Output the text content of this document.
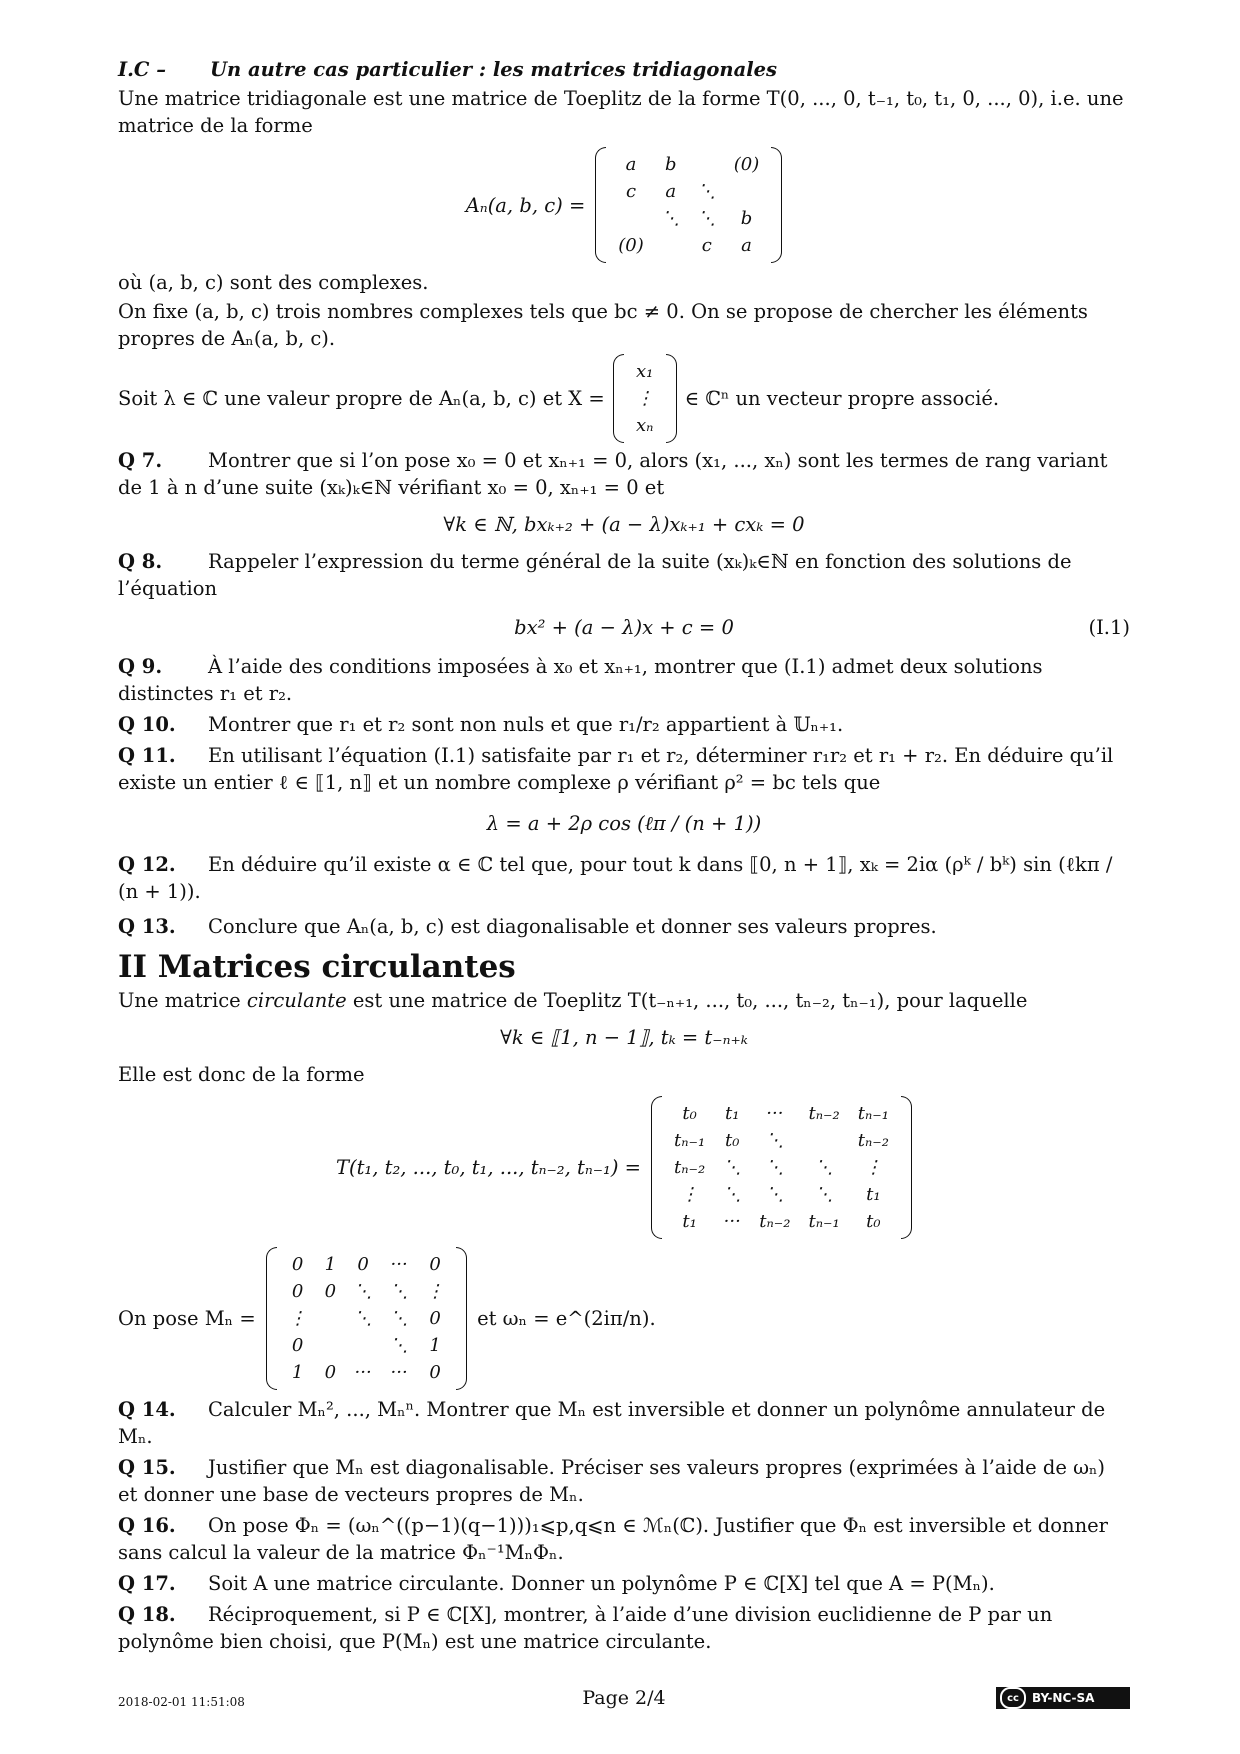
I.C – Un autre cas particulier : les matrices tridiagonales

Une matrice tridiagonale est une matrice de Toeplitz de la forme T(0, ..., 0, t₋₁, t₀, t₁, 0, ..., 0), i.e. une matrice de la forme

Aₙ(a, b, c) =
a	b		(0)
c	a	⋱	
	⋱	⋱	b
(0)		c	a

où (a, b, c) sont des complexes.

On fixe (a, b, c) trois nombres complexes tels que bc ≠ 0. On se propose de chercher les éléments propres de Aₙ(a, b, c).

Soit λ ∈ ℂ une valeur propre de Aₙ(a, b, c) et X =
x₁
⋮
xₙ
∈ ℂⁿ un vecteur propre associé.
Q 7. Montrer que si l’on pose x₀ = 0 et xₙ₊₁ = 0, alors (x₁, ..., xₙ) sont les termes de rang variant de 1 à n d’une suite (xₖ)ₖ∈ℕ vérifiant x₀ = 0, xₙ₊₁ = 0 et
∀k ∈ ℕ, bxₖ₊₂ + (a − λ)xₖ₊₁ + cxₖ = 0
Q 8. Rappeler l’expression du terme général de la suite (xₖ)ₖ∈ℕ en fonction des solutions de l’équation
bx² + (a − λ)x + c = 0	(I.1)
Q 9. À l’aide des conditions imposées à x₀ et xₙ₊₁, montrer que (I.1) admet deux solutions distinctes r₁ et r₂.
Q 10. Montrer que r₁ et r₂ sont non nuls et que r₁/r₂ appartient à 𝕌ₙ₊₁.
Q 11. En utilisant l’équation (I.1) satisfaite par r₁ et r₂, déterminer r₁r₂ et r₁ + r₂. En déduire qu’il existe un entier ℓ ∈ ⟦1, n⟧ et un nombre complexe ρ vérifiant ρ² = bc tels que
λ = a + 2ρ cos (ℓπ / (n + 1))
Q 12. En déduire qu’il existe α ∈ ℂ tel que, pour tout k dans ⟦0, n + 1⟧, xₖ = 2iα (ρᵏ / bᵏ) sin (ℓkπ / (n + 1)).
Q 13. Conclure que Aₙ(a, b, c) est diagonalisable et donner ses valeurs propres.
II Matrices circulantes

Une matrice circulante est une matrice de Toeplitz T(t₋ₙ₊₁, ..., t₀, ..., tₙ₋₂, tₙ₋₁), pour laquelle

∀k ∈ ⟦1, n − 1⟧, tₖ = t₋ₙ₊ₖ

Elle est donc de la forme

T(t₁, t₂, ..., t₀, t₁, ..., tₙ₋₂, tₙ₋₁) =
t₀	t₁	···	tₙ₋₂	tₙ₋₁
tₙ₋₁	t₀	⋱		tₙ₋₂
tₙ₋₂	⋱	⋱	⋱	⋮
⋮	⋱	⋱	⋱	t₁
t₁	···	tₙ₋₂	tₙ₋₁	t₀
On pose Mₙ =
0	1	0	···	0
0	0	⋱	⋱	⋮
⋮		⋱	⋱	0
0			⋱	1
1	0	···	···	0
et ωₙ = e^(2iπ/n).
Q 14. Calculer Mₙ², ..., Mₙⁿ. Montrer que Mₙ est inversible et donner un polynôme annulateur de Mₙ.
Q 15. Justifier que Mₙ est diagonalisable. Préciser ses valeurs propres (exprimées à l’aide de ωₙ) et donner une base de vecteurs propres de Mₙ.
Q 16. On pose Φₙ = (ωₙ^((p−1)(q−1)))₁⩽p,q⩽n ∈ ℳₙ(ℂ). Justifier que Φₙ est inversible et donner sans calcul la valeur de la matrice Φₙ⁻¹MₙΦₙ.
Q 17. Soit A une matrice circulante. Donner un polynôme P ∈ ℂ[X] tel que A = P(Mₙ).
Q 18. Réciproquement, si P ∈ ℂ[X], montrer, à l’aide d’une division euclidienne de P par un polynôme bien choisi, que P(Mₙ) est une matrice circulante.
2018-02-01 11:51:08	Page 2/4	cc	BY-NC-SA
